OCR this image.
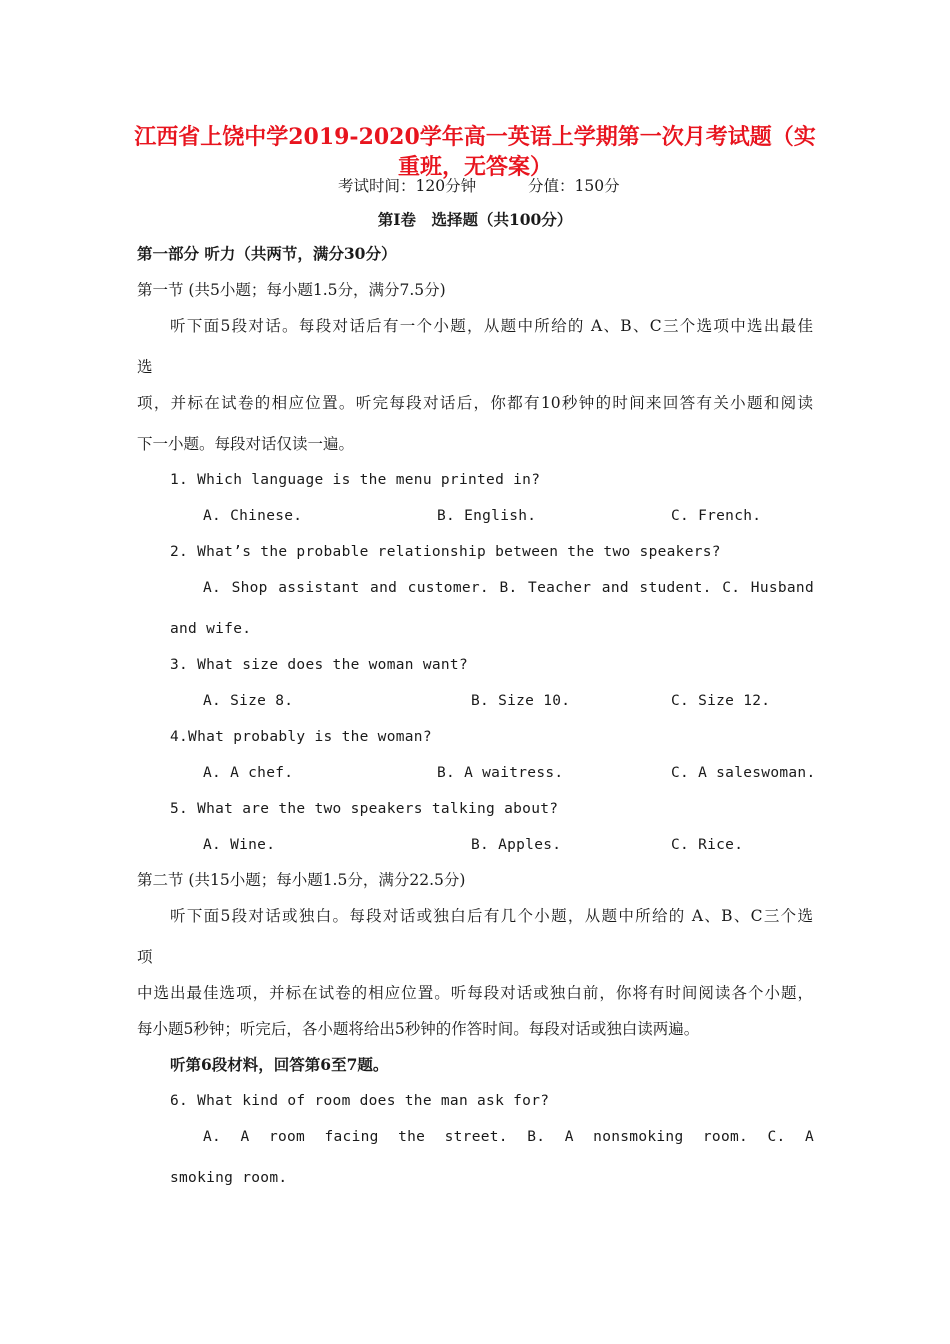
江西省上饶中学2019-2020学年高一英语上学期第一次月考试题（实
重班，无答案）
考试时间：120分钟	分值：150分
第Ⅰ卷　选择题（共100分）
第一部分 听力（共两节，满分30分）
第一节 (共5小题；每小题1.5分，满分7.5分)
听下面5段对话。每段对话后有一个小题，从题中所给的 A、B、C三个选项中选出最佳
选
项，并标在试卷的相应位置。听完每段对话后，你都有10秒钟的时间来回答有关小题和阅读
下一小题。每段对话仅读一遍。
1. Which language is the menu printed in?
A. Chinese.	B. English.	C. French.
2. What’s the probable relationship between the two speakers?
A. Shop assistant and customer. B. Teacher and student. C. Husband
and wife.
3. What size does the woman want?
A. Size 8.	B. Size 10.	C. Size 12.
4.What probably is the woman?
A. A chef.	B. A waitress.	C. A saleswoman.
5. What are the two speakers talking about?
A. Wine.	B. Apples.	C. Rice.
第二节 (共15小题；每小题1.5分，满分22.5分)
听下面5段对话或独白。每段对话或独白后有几个小题，从题中所给的 A、B、C三个选
项
中选出最佳选项，并标在试卷的相应位置。听每段对话或独白前，你将有时间阅读各个小题，
每小题5秒钟；听完后，各小题将给出5秒钟的作答时间。每段对话或独白读两遍。
听第6段材料，回答第6至7题。
6. What kind of room does the man ask for?
A. A room facing the street. B. A nonsmoking room. C. A
smoking room.
